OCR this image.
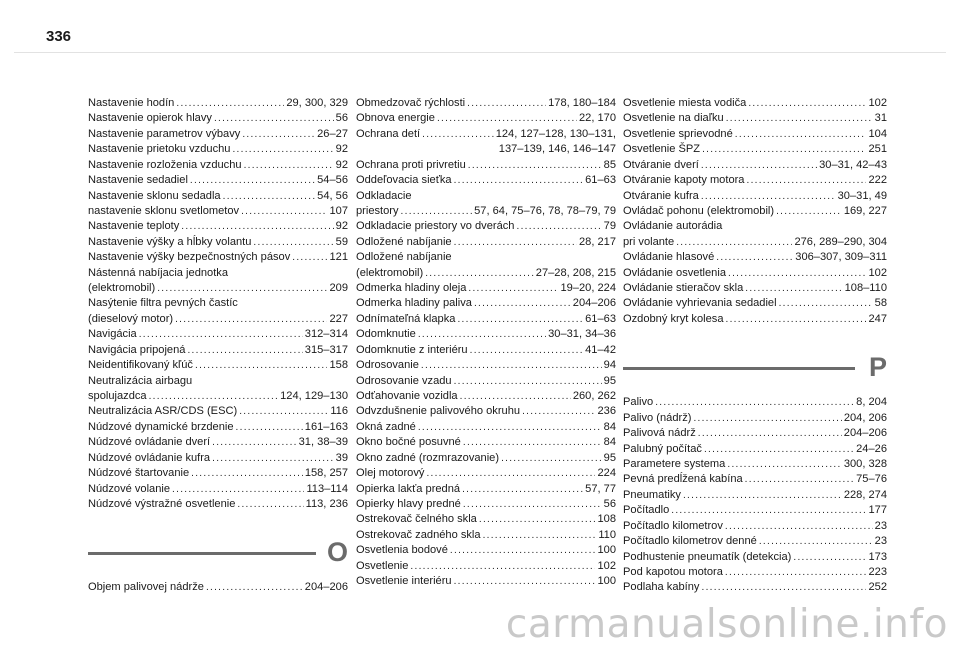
336
Nastavenie hodín .....	29, 300, 329
Nastavenie opierok hlavy .....	56
Nastavenie parametrov výbavy .....	26–27
Nastavenie prietoku vzduchu .....	92
Nastavenie rozloženia vzduchu .....	92
Nastavenie sedadiel .....	54–56
Nastavenie sklonu sedadla .....	54, 56
nastavenie sklonu svetlometov .....	107
Nastavenie teploty .....	92
Nastavenie výšky a hĺbky volantu .....	59
Nastavenie výšky bezpečnostných pásov .....	121
Nástenná nabíjacia jednotka
(elektromobil) .....	209
Nasýtenie filtra pevných častíc
(dieselový motor) .....	227
Navigácia .....	312–314
Navigácia pripojená .....	315–317
Neidentifikovaný kľúč .....	158
Neutralizácia airbagu
spolujazdca .....	124, 129–130
Neutralizácia ASR/CDS (ESC) .....	116
Núdzové dynamické brzdenie .....	161–163
Núdzové ovládanie dverí .....	31, 38–39
Núdzové ovládanie kufra .....	39
Núdzové štartovanie .....	158, 257
Núdzové volanie .....	113–114
Núdzové výstražné osvetlenie .....	113, 236
O
Objem palivovej nádrže .....	204–206
Obmedzovač rýchlosti .....	178, 180–184
Obnova energie .....	22, 170
Ochrana detí .....	124, 127–128, 130–131,
137–139, 146, 146–147
Ochrana proti privretiu .....	85
Oddeľovacia sieťka .....	61–63
Odkladacie
priestory .....	57, 64, 75–76, 78, 78–79, 79
Odkladacie priestory vo dverách .....	79
Odložené nabíjanie .....	28, 217
Odložené nabíjanie
(elektromobil) .....	27–28, 208, 215
Odmerka hladiny oleja .....	19–20, 224
Odmerka hladiny paliva .....	204–206
Odnímateľná klapka .....	61–63
Odomknutie .....	30–31, 34–36
Odomknutie z interiéru .....	41–42
Odrosovanie .....	94
Odrosovanie vzadu .....	95
Odťahovanie vozidla .....	260, 262
Odvzdušnenie palivového okruhu .....	236
Okná zadné .....	84
Okno bočné posuvné .....	84
Okno zadné (rozmrazovanie) .....	95
Olej motorový .....	224
Opierka lakťa predná .....	57, 77
Opierky hlavy predné .....	56
Ostrekovač čelného skla .....	108
Ostrekovač zadného skla .....	110
Osvetlenia bodové .....	100
Osvetlenie .....	102
Osvetlenie interiéru .....	100
Osvetlenie miesta vodiča .....	102
Osvetlenie na diaľku .....	31
Osvetlenie sprievodné .....	104
Osvetlenie ŠPZ .....	251
Otváranie dverí .....	30–31, 42–43
Otváranie kapoty motora .....	222
Otváranie kufra .....	30–31, 49
Ovládač pohonu (elektromobil) .....	169, 227
Ovládanie autorádia
pri volante .....	276, 289–290, 304
Ovládanie hlasové .....	306–307, 309–311
Ovládanie osvetlenia .....	102
Ovládanie stieračov skla .....	108–110
Ovládanie vyhrievania sedadiel .....	58
Ozdobný kryt kolesa .....	247
P
Palivo .....	8, 204
Palivo (nádrž) .....	204, 206
Palivová nádrž .....	204–206
Palubný počítač .....	24–26
Parametere systema .....	300, 328
Pevná predĺžená kabína .....	75–76
Pneumatiky .....	228, 274
Počítadlo .....	177
Počítadlo kilometrov .....	23
Počítadlo kilometrov denné .....	23
Podhustenie pneumatík (detekcia) .....	173
Pod kapotou motora .....	223
Podlaha kabíny .....	252
carmanualsonline.info
